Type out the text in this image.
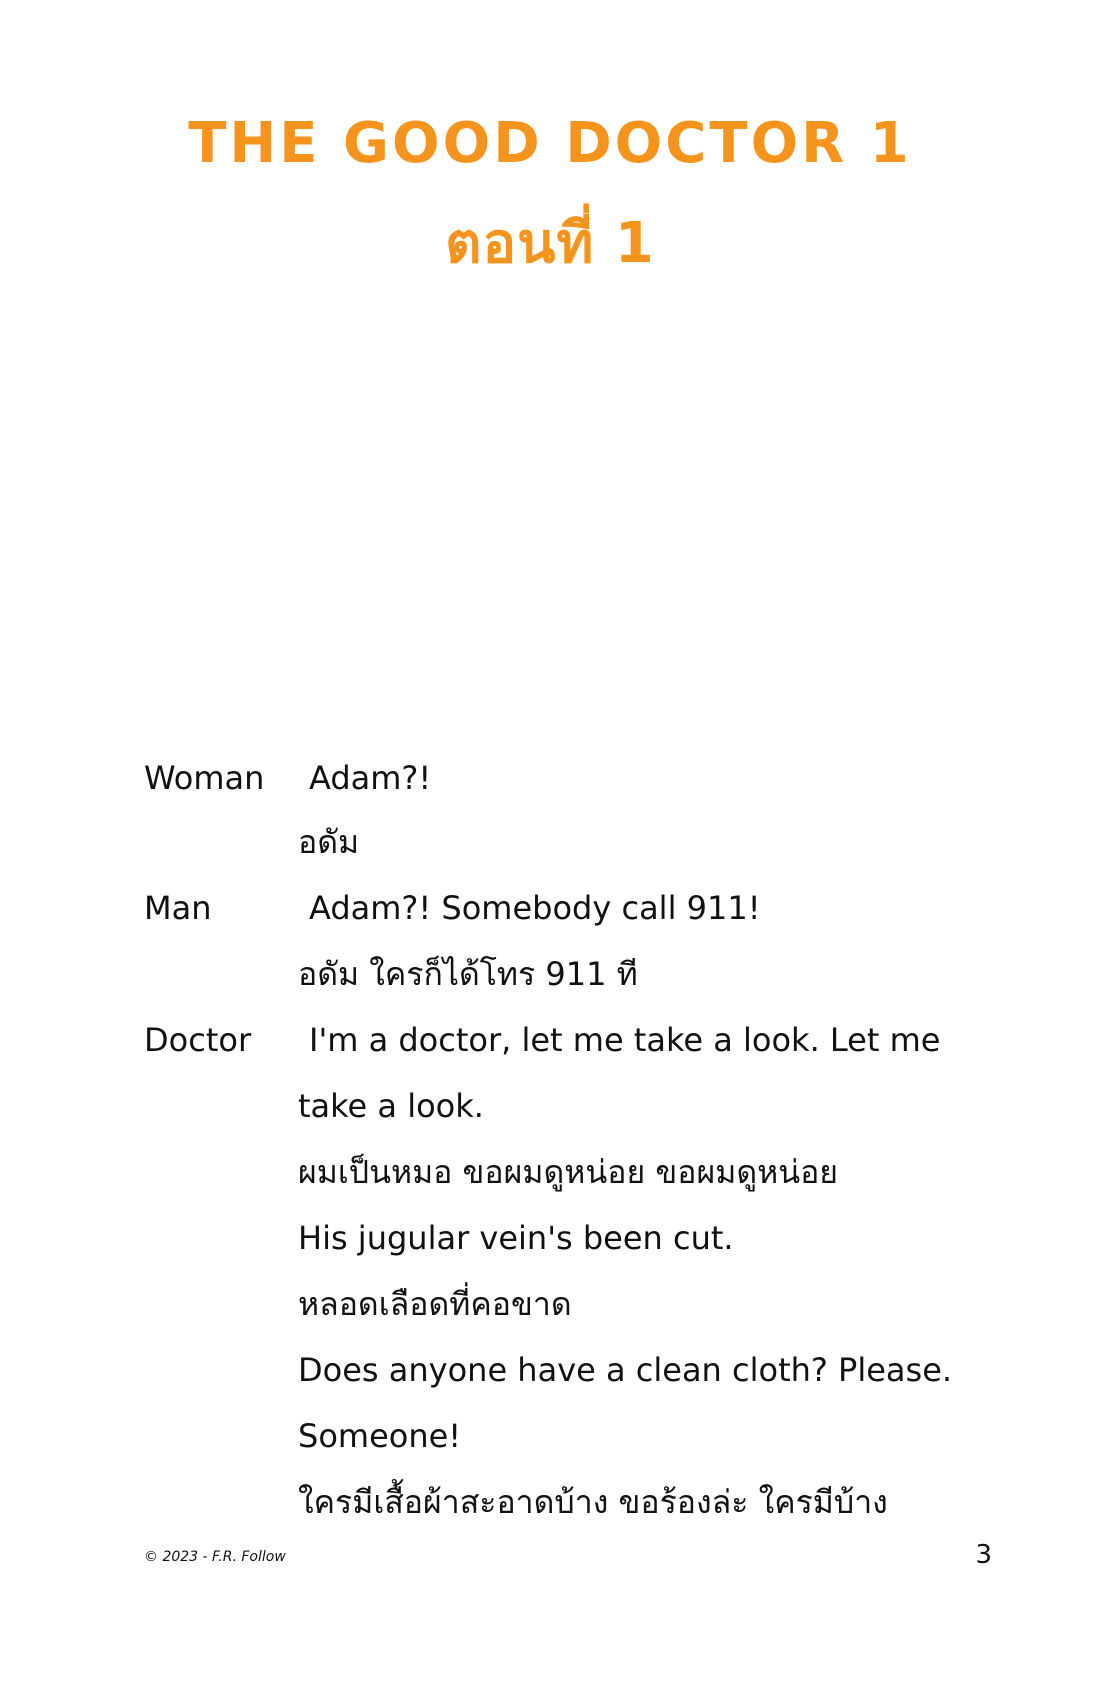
THE GOOD DOCTOR 1
ตอนที่ 1
Woman Adam?!
อดัม
Man	Adam?! Somebody call 911!
อดัม ใครก็ได้โทร 911 ที
Doctor I'm a doctor, let me take a look. Let me
take a look.
ผมเป็นหมอ ขอผมดูหน่อย ขอผมดูหน่อย
His jugular vein's been cut.
หลอดเลือดที่คอขาด
Does anyone have a clean cloth? Please.
Someone!
ใครมีเสื้อผ้าสะอาดบ้าง ขอร้องล่ะ ใครมีบ้าง
© 2023 - F.R. Follow	3
